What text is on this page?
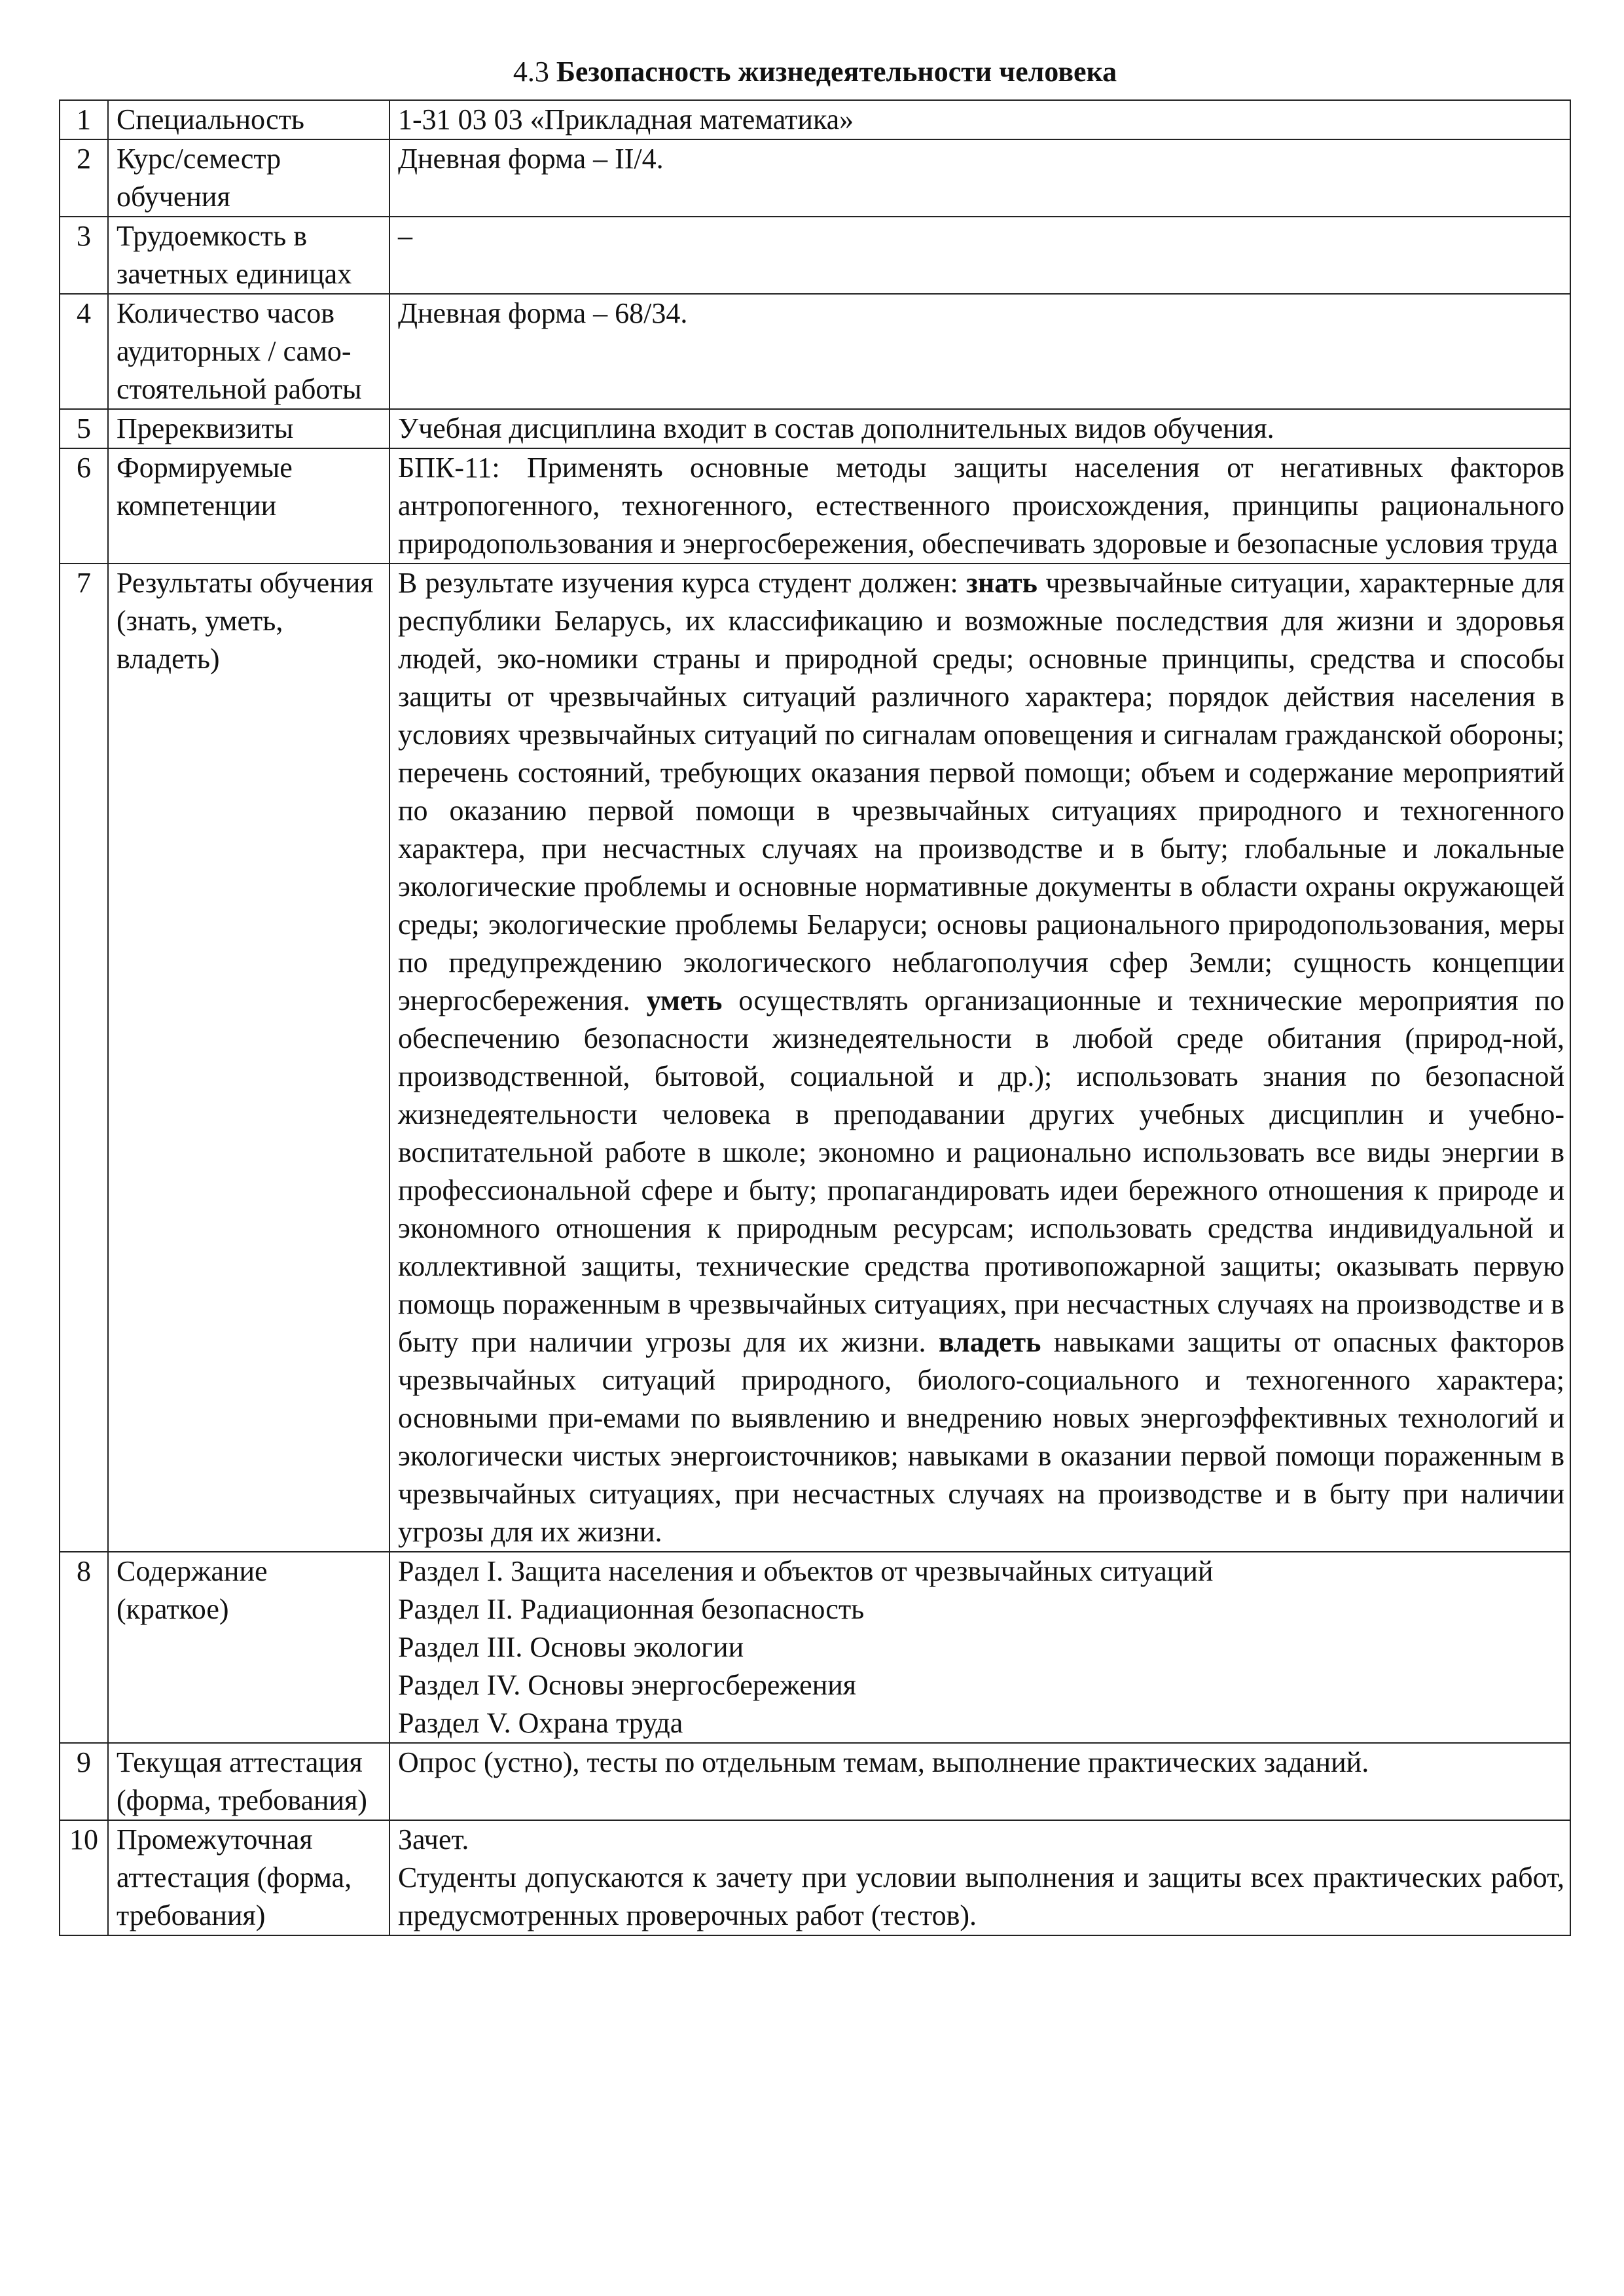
4.3 Безопасность жизнедеятельности человека
1	Специальность	1-31 03 03 «Прикладная математика»
2	Курс/семестр обучения	Дневная форма – II/4.
3	Трудоемкость в зачетных единицах	–
4	Количество часов аудиторных / само-стоятельной работы	Дневная форма – 68/34.
5	Пререквизиты	Учебная дисциплина входит в состав дополнительных видов обучения.
6	Формируемые компетенции	БПК-11: Применять основные методы защиты населения от негативных факторов антропогенного, техногенного, естественного происхождения, принципы рационального природопользования и энергосбережения, обеспечивать здоровые и безопасные условия труда
7	Результаты обучения (знать, уметь, владеть)	В результате изучения курса студент должен: знать чрезвычайные ситуации, характерные для республики Беларусь, их классификацию и возможные последствия для жизни и здоровья людей, эко-номики страны и природной среды; основные принципы, средства и способы защиты от чрезвычайных ситуаций различного характера; порядок действия населения в условиях чрезвычайных ситуаций по сигналам оповещения и сигналам гражданской обороны; перечень состояний, требующих оказания первой помощи; объем и содержание мероприятий по оказанию первой помощи в чрезвычайных ситуациях природного и техногенного характера, при несчастных случаях на производстве и в быту; глобальные и локальные экологические проблемы и основные нормативные документы в области охраны окружающей среды; экологические проблемы Беларуси; основы рационального природопользования, меры по предупреждению экологического неблагополучия сфер Земли; сущность концепции энергосбережения. уметь осуществлять организационные и технические мероприятия по обеспечению безопасности жизнедеятельности в любой среде обитания (природ-ной, производственной, бытовой, социальной и др.); использовать знания по безопасной жизнедеятельности человека в преподавании других учебных дисциплин и учебно-воспитательной работе в школе; экономно и рационально использовать все виды энергии в профессиональной сфере и быту; пропагандировать идеи бережного отношения к природе и экономного отношения к природным ресурсам; использовать средства индивидуальной и коллективной защиты, технические средства противопожарной защиты; оказывать первую помощь пораженным в чрезвычайных ситуациях, при несчастных случаях на производстве и в быту при наличии угрозы для их жизни. владеть навыками защиты от опасных факторов чрезвычайных ситуаций природного, биолого-социального и техногенного характера; основными при-емами по выявлению и внедрению новых энергоэффективных технологий и экологически чистых энергоисточников; навыками в оказании первой помощи пораженным в чрезвычайных ситуациях, при несчастных случаях на производстве и в быту при наличии угрозы для их жизни.
8	Содержание (краткое)	Раздел I. Защита населения и объектов от чрезвычайных ситуаций
Раздел II. Радиационная безопасность
Раздел III. Основы экологии
Раздел IV. Основы энергосбережения
Раздел V. Охрана труда

9	Текущая аттестация (форма, требования)	Опрос (устно), тесты по отдельным темам, выполнение практических заданий.
10	Промежуточная аттестация (форма, требования)	Зачет.
Студенты допускаются к зачету при условии выполнения и защиты всех практических работ, предусмотренных проверочных работ (тестов).
